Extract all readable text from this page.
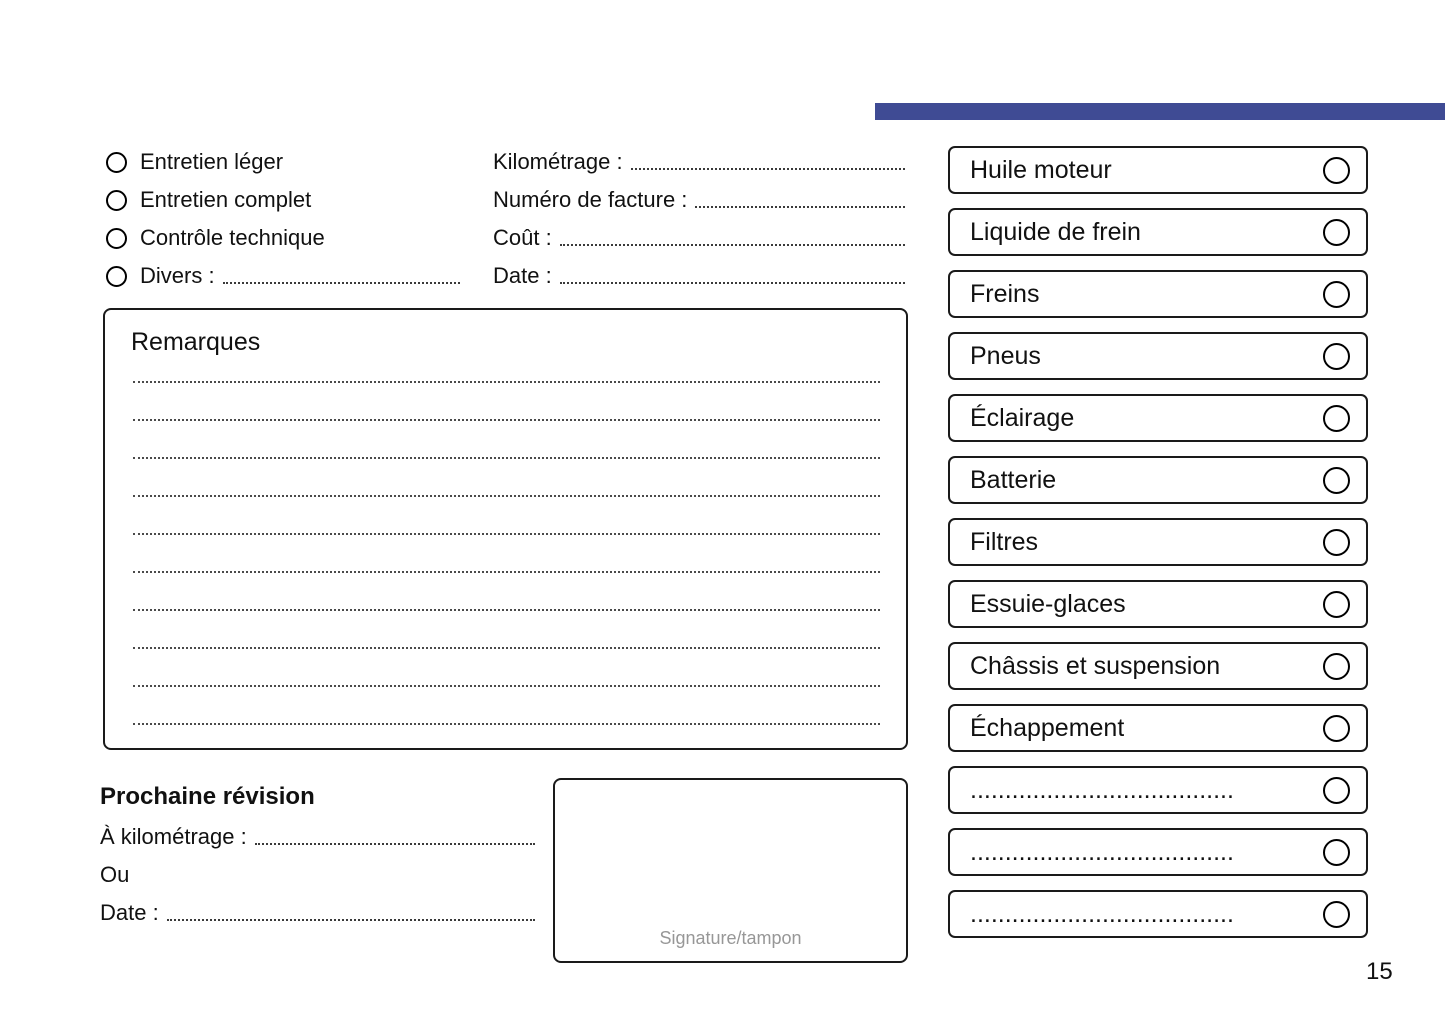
Entretien léger
Entretien complet
Contrôle technique
Divers :
Kilométrage :
Numéro de facture :
Coût :
Date :
Remarques
Prochaine révision
À kilométrage :
Ou
Date :
Signature/tampon
Huile moteur
Liquide de frein
Freins
Pneus
Éclairage
Batterie
Filtres
Essuie-glaces
Châssis et suspension
Échappement
......................................
......................................
......................................
15
